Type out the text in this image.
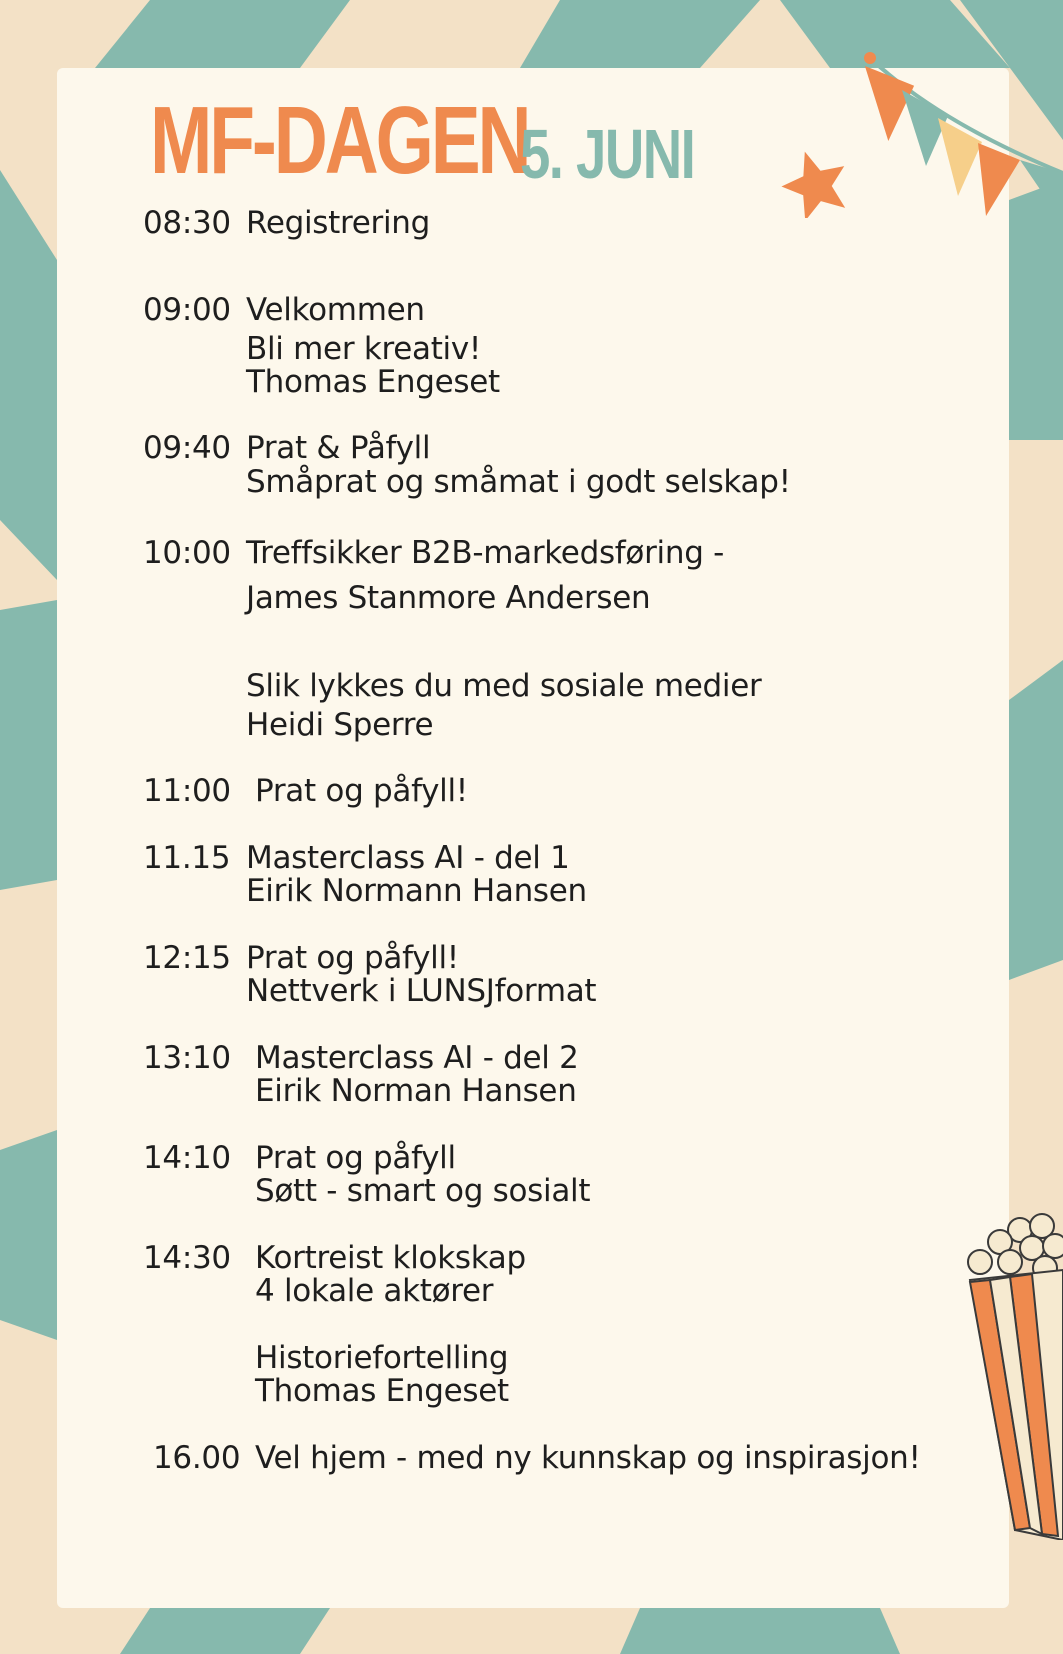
MF-DAGEN
5. JUNI
08:30 Registrering
09:00 Velkommen
Bli mer kreativ!
Thomas Engeset
09:40 Prat & Påfyll
Småprat og småmat i godt selskap!
10:00 Treffsikker B2B-markedsføring -
James Stanmore Andersen
Slik lykkes du med sosiale medier
Heidi Sperre
11:00 Prat og påfyll!
11.15 Masterclass AI - del 1
Eirik Normann Hansen
12:15 Prat og påfyll!
Nettverk i LUNSJformat
13:10 Masterclass AI - del 2
Eirik Norman Hansen
14:10 Prat og påfyll
Søtt - smart og sosialt
14:30 Kortreist klokskap
4 lokale aktører
Historiefortelling
Thomas Engeset
16.00 Vel hjem - med ny kunnskap og inspirasjon!
